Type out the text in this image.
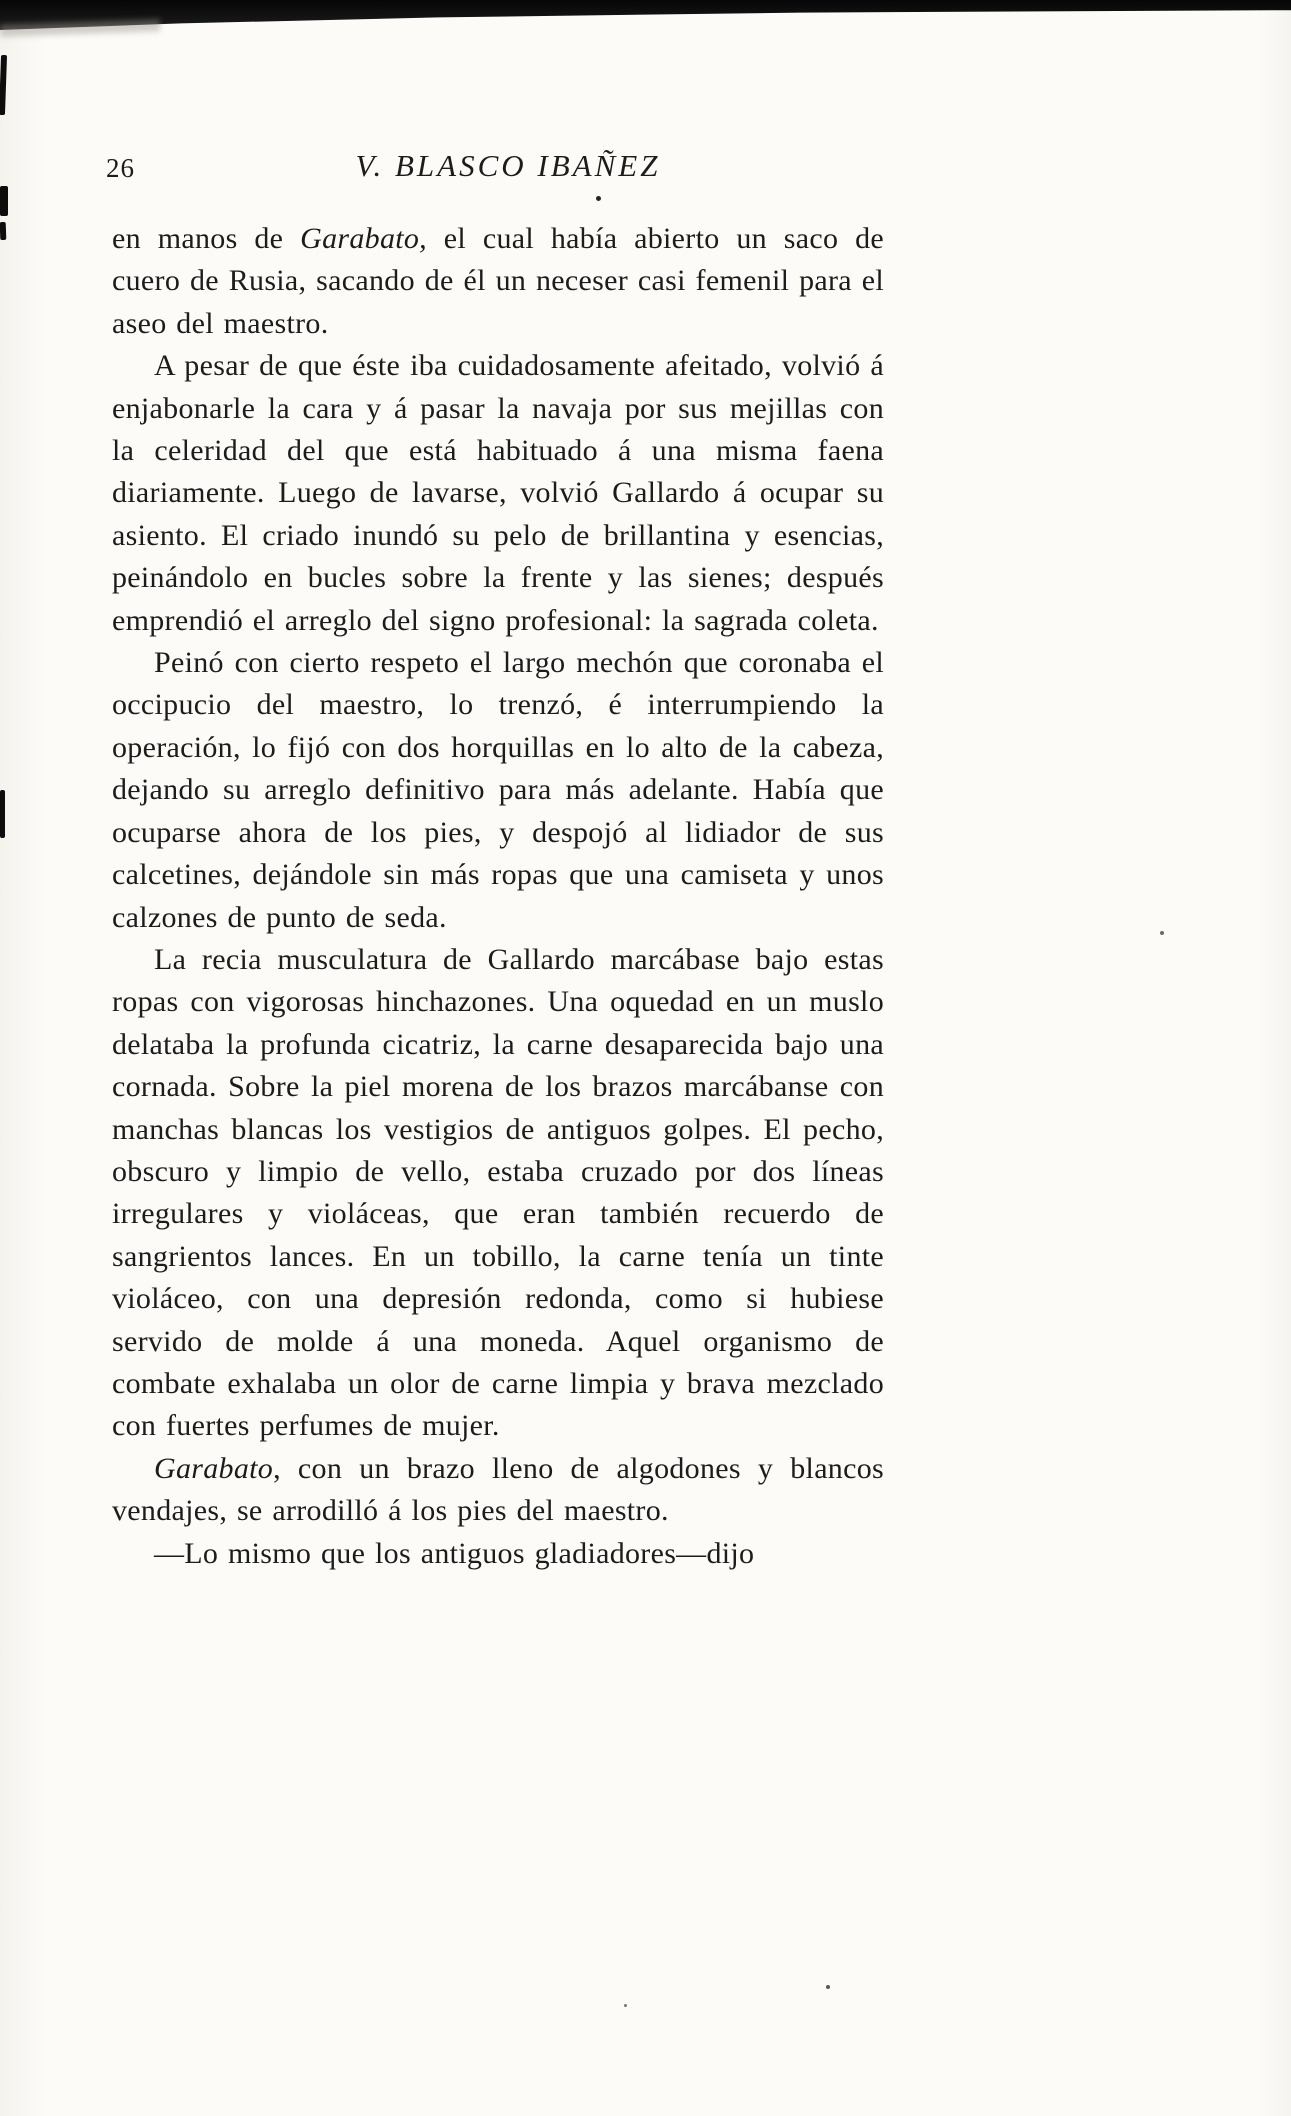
26	V. BLASCO IBAÑEZ

en manos de Garabato, el cual había abierto un saco de cuero de Rusia, sacando de él un neceser casi femenil para el aseo del maestro.

A pesar de que éste iba cuidadosamente afeitado, volvió á enjabonarle la cara y á pasar la navaja por sus mejillas con la celeridad del que está habituado á una misma faena diariamente. Luego de lavarse, volvió Gallardo á ocupar su asiento. El criado inundó su pelo de brillantina y esencias, peinándolo en bucles sobre la frente y las sienes; después emprendió el arreglo del signo profesional: la sagrada coleta.

Peinó con cierto respeto el largo mechón que coronaba el occipucio del maestro, lo trenzó, é interrumpiendo la operación, lo fijó con dos horquillas en lo alto de la cabeza, dejando su arreglo definitivo para más adelante. Había que ocuparse ahora de los pies, y despojó al lidiador de sus calcetines, dejándole sin más ropas que una camiseta y unos calzones de punto de seda.

La recia musculatura de Gallardo marcábase bajo estas ropas con vigorosas hinchazones. Una oquedad en un muslo delataba la profunda cicatriz, la carne desaparecida bajo una cornada. Sobre la piel morena de los brazos marcábanse con manchas blancas los vestigios de antiguos golpes. El pecho, obscuro y limpio de vello, estaba cruzado por dos líneas irregulares y violáceas, que eran también recuerdo de sangrientos lances. En un tobillo, la carne tenía un tinte violáceo, con una depresión redonda, como si hubiese servido de molde á una moneda. Aquel organismo de combate exhalaba un olor de carne limpia y brava mezclado con fuertes perfumes de mujer.

Garabato, con un brazo lleno de algodones y blancos vendajes, se arrodilló á los pies del maestro.

—Lo mismo que los antiguos gladiadores—dijo
